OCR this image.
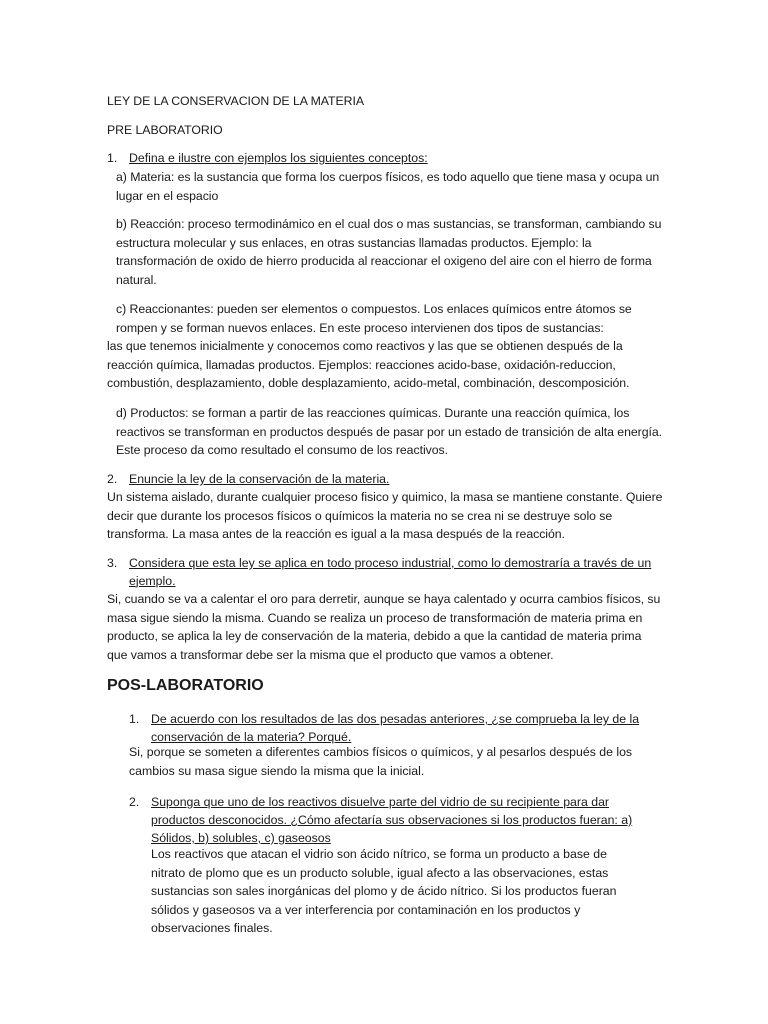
LEY DE LA CONSERVACION DE LA MATERIA

PRE LABORATORIO

1. Defina e ilustre con ejemplos los siguientes conceptos:

a) Materia: es la sustancia que forma los cuerpos físicos, es todo aquello que tiene masa y ocupa un lugar en el espacio

b) Reacción: proceso termodinámico en el cual dos o mas sustancias, se transforman, cambiando su estructura molecular y sus enlaces, en otras sustancias llamadas productos. Ejemplo: la transformación de oxido de hierro producida al reaccionar el oxigeno del aire con el hierro de forma natural.

c) Reaccionantes: pueden ser elementos o compuestos. Los enlaces químicos entre átomos se rompen y se forman nuevos enlaces. En este proceso intervienen dos tipos de sustancias:

las que tenemos inicialmente y conocemos como reactivos y las que se obtienen después de la reacción química, llamadas productos. Ejemplos: reacciones acido-base, oxidación-reduccion, combustión, desplazamiento, doble desplazamiento, acido-metal, combinación, descomposición.

d) Productos: se forman a partir de las reacciones químicas. Durante una reacción química, los reactivos se transforman en productos después de pasar por un estado de transición de alta energía. Este proceso da como resultado el consumo de los reactivos.

2. Enuncie la ley de la conservación de la materia.

Un sistema aislado, durante cualquier proceso fisico y quimico, la masa se mantiene constante. Quiere decir que durante los procesos físicos o químicos la materia no se crea ni se destruye solo se transforma. La masa antes de la reacción es igual a la masa después de la reacción.

3. Considera que esta ley se aplica en todo proceso industrial, como lo demostraría a través de un ejemplo.

Si, cuando se va a calentar el oro para derretir, aunque se haya calentado y ocurra cambios físicos, su masa sigue siendo la misma. Cuando se realiza un proceso de transformación de materia prima en producto, se aplica la ley de conservación de la materia, debido a que la cantidad de materia prima que vamos a transformar debe ser la misma que el producto que vamos a obtener.

POS-LABORATORIO
1. De acuerdo con los resultados de las dos pesadas anteriores, ¿se comprueba la ley de la conservación de la materia? Porqué.

Si, porque se someten a diferentes cambios físicos o químicos, y al pesarlos después de los cambios su masa sigue siendo la misma que la inicial.

2. Suponga que uno de los reactivos disuelve parte del vidrio de su recipiente para dar productos desconocidos. ¿Cómo afectaría sus observaciones si los productos fueran: a) Sólidos, b) solubles, c) gaseosos

Los reactivos que atacan el vidrio son ácido nítrico, se forma un producto a base de nitrato de plomo que es un producto soluble, igual afecto a las observaciones, estas sustancias son sales inorgánicas del plomo y de ácido nítrico. Si los productos fueran sólidos y gaseosos va a ver interferencia por contaminación en los productos y observaciones finales.
